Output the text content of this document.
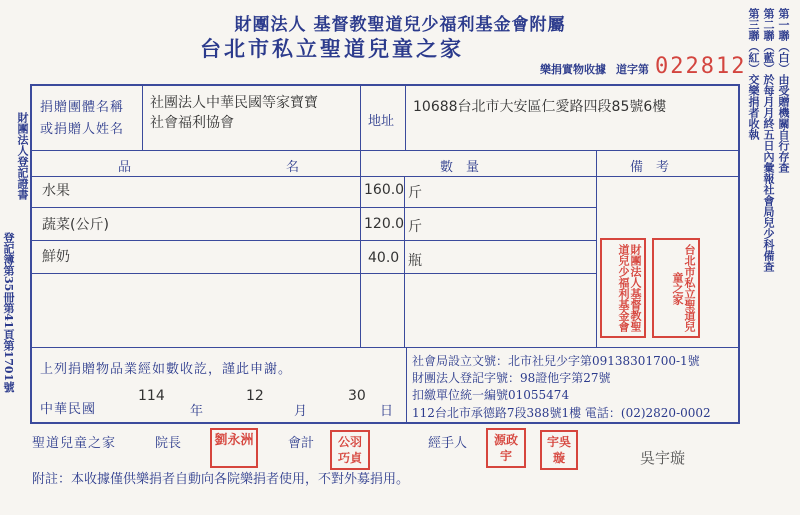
財團法人 基督教聖道兒少福利基金會附屬
台北市私立聖道兒童之家
樂捐實物收據 道字第 022812
財團法人登記證書
登記簿第35冊第41頁第1701號
第一聯（白）由受贈機關自行存查
第二聯（藍）於每月月終五日內彙報社會局兒少科備查
第三聯（紅）交樂捐者收執
捐贈團體名稱
或捐贈人姓名
社團法人中華民國等家寶寶
社會福利協會	地址
10688台北市大安區仁愛路四段85號6樓
品	名	數　量	備　考
水果	160.0 斤
蔬菜(公斤)	120.0 斤
鮮奶	40.0 瓶	財團法人基督教聖道兒少福利基金會	台北市私立聖道兒童之家
上列捐贈物品業經如數收訖，謹此申謝。
中華民國
114
年
12
月
30
日
社會局設立文號：北市社兒少字第09138301700-1號
財團法人登記字號：98證他字第27號
扣繳單位統一編號01055474
112台北市承德路7段388號1樓 電話：(02)2820-0002
聖道兒童之家	院長	劉永洲	會計	公羽巧貞
經手人	源政宇
宇吳璇	吳宇璇
附註：本收據僅供樂捐者自動向各院樂捐者使用，不對外募捐用。
